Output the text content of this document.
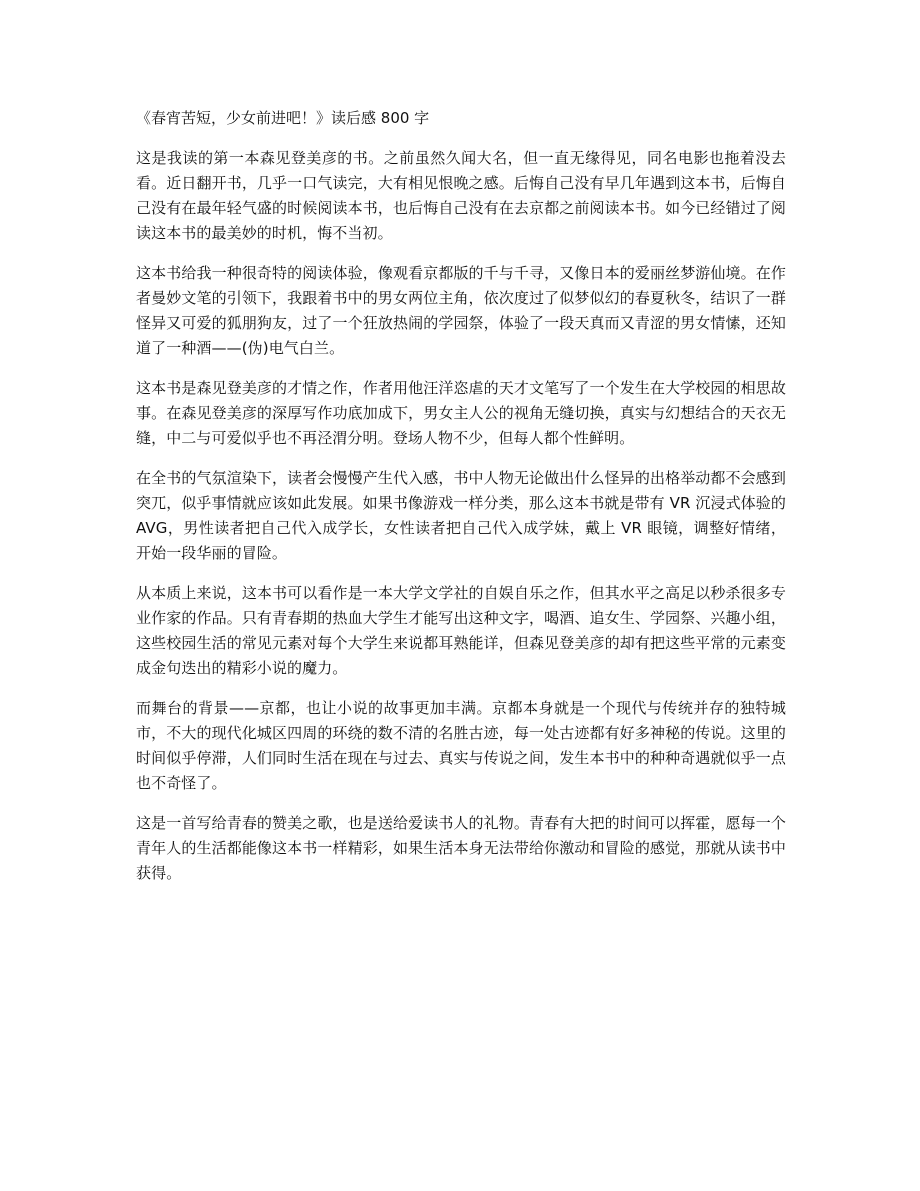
《春宵苦短，少女前进吧！》读后感 800 字

这是我读的第一本森见登美彦的书。之前虽然久闻大名，但一直无缘得见，同名电影也拖着没去看。近日翻开书，几乎一口气读完，大有相见恨晚之感。后悔自己没有早几年遇到这本书，后悔自己没有在最年轻气盛的时候阅读本书，也后悔自己没有在去京都之前阅读本书。如今已经错过了阅读这本书的最美妙的时机，悔不当初。

这本书给我一种很奇特的阅读体验，像观看京都版的千与千寻，又像日本的爱丽丝梦游仙境。在作者曼妙文笔的引领下，我跟着书中的男女两位主角，依次度过了似梦似幻的春夏秋冬，结识了一群怪异又可爱的狐朋狗友，过了一个狂放热闹的学园祭，体验了一段天真而又青涩的男女情愫，还知道了一种酒——(伪)电气白兰。

这本书是森见登美彦的才情之作，作者用他汪洋恣虐的天才文笔写了一个发生在大学校园的相思故事。在森见登美彦的深厚写作功底加成下，男女主人公的视角无缝切换，真实与幻想结合的天衣无缝，中二与可爱似乎也不再泾渭分明。登场人物不少，但每人都个性鲜明。

在全书的气氛渲染下，读者会慢慢产生代入感，书中人物无论做出什么怪异的出格举动都不会感到突兀，似乎事情就应该如此发展。如果书像游戏一样分类，那么这本书就是带有 VR 沉浸式体验的 AVG，男性读者把自己代入成学长，女性读者把自己代入成学妹，戴上 VR 眼镜，调整好情绪，开始一段华丽的冒险。

从本质上来说，这本书可以看作是一本大学文学社的自娱自乐之作，但其水平之高足以秒杀很多专业作家的作品。只有青春期的热血大学生才能写出这种文字，喝酒、追女生、学园祭、兴趣小组，这些校园生活的常见元素对每个大学生来说都耳熟能详，但森见登美彦的却有把这些平常的元素变成金句迭出的精彩小说的魔力。

而舞台的背景——京都，也让小说的故事更加丰满。京都本身就是一个现代与传统并存的独特城市，不大的现代化城区四周的环绕的数不清的名胜古迹，每一处古迹都有好多神秘的传说。这里的时间似乎停滞，人们同时生活在现在与过去、真实与传说之间，发生本书中的种种奇遇就似乎一点也不奇怪了。

这是一首写给青春的赞美之歌，也是送给爱读书人的礼物。青春有大把的时间可以挥霍，愿每一个青年人的生活都能像这本书一样精彩，如果生活本身无法带给你激动和冒险的感觉，那就从读书中获得。
